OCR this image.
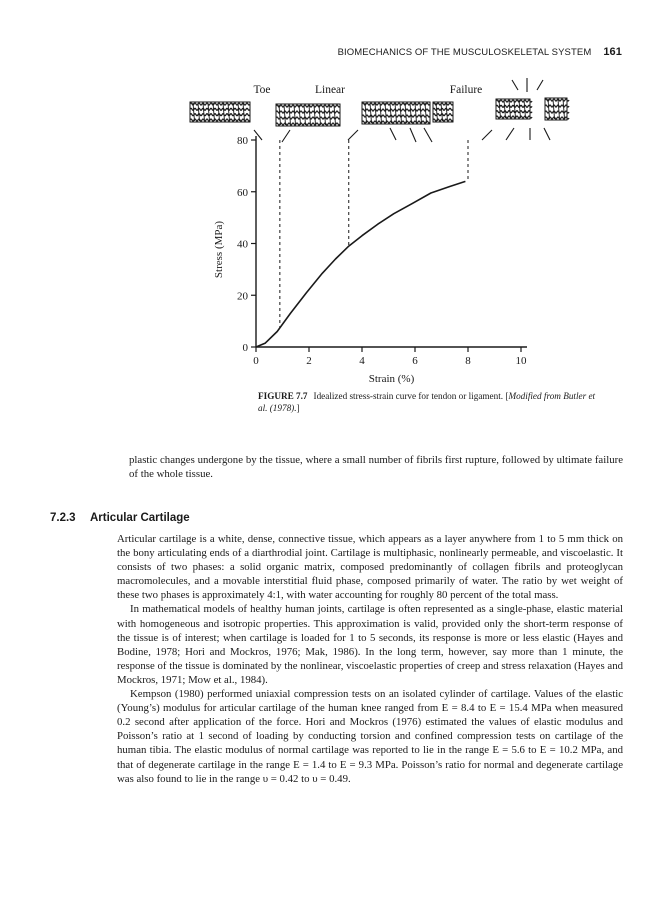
BIOMECHANICS OF THE MUSCULOSKELETAL SYSTEM 161
Toe	Linear	Failure
0
20
40
60
80
0	2	4	6	8	10
Strain (%)
Stress (MPa)
FIGURE 7.7 Idealized stress-strain curve for tendon or ligament. [Modified from Butler et al. (1978).]

plastic changes undergone by the tissue, where a small number of fibrils first rupture, followed by ultimate failure of the whole tissue.

7.2.3 Articular Cartilage

Articular cartilage is a white, dense, connective tissue, which appears as a layer anywhere from 1 to 5 mm thick on the bony articulating ends of a diarthrodial joint. Cartilage is multiphasic, nonlinearly permeable, and viscoelastic. It consists of two phases: a solid organic matrix, composed predominantly of collagen fibrils and proteoglycan macromolecules, and a movable interstitial fluid phase, composed primarily of water. The ratio by wet weight of these two phases is approximately 4:1, with water accounting for roughly 80 percent of the total mass.

In mathematical models of healthy human joints, cartilage is often represented as a single-phase, elastic material with homogeneous and isotropic properties. This approximation is valid, provided only the short-term response of the tissue is of interest; when cartilage is loaded for 1 to 5 seconds, its response is more or less elastic (Hayes and Bodine, 1978; Hori and Mockros, 1976; Mak, 1986). In the long term, however, say more than 1 minute, the response of the tissue is dominated by the nonlinear, viscoelastic properties of creep and stress relaxation (Hayes and Mockros, 1971; Mow et al., 1984).

Kempson (1980) performed uniaxial compression tests on an isolated cylinder of cartilage. Values of the elastic (Young’s) modulus for articular cartilage of the human knee ranged from E = 8.4 to E = 15.4 MPa when measured 0.2 second after application of the force. Hori and Mockros (1976) estimated the values of elastic modulus and Poisson’s ratio at 1 second of loading by conducting torsion and confined compression tests on cartilage of the human tibia. The elastic modulus of normal cartilage was reported to lie in the range E = 5.6 to E = 10.2 MPa, and that of degenerate cartilage in the range E = 1.4 to E = 9.3 MPa. Poisson’s ratio for normal and degenerate cartilage was also found to lie in the range υ = 0.42 to υ = 0.49.
